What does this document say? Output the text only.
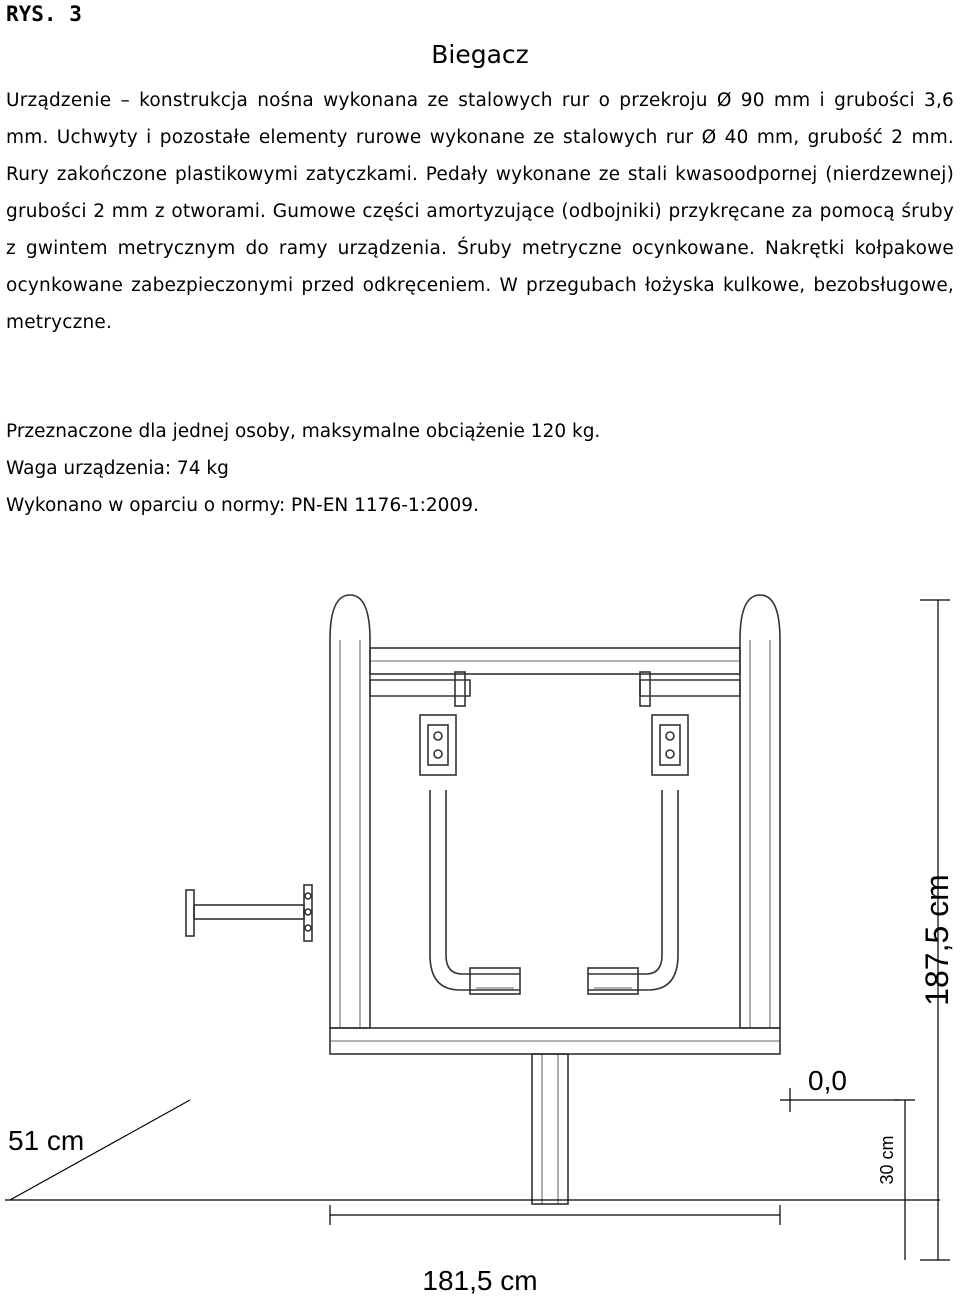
RYS. 3
Biegacz
Urządzenie – konstrukcja nośna wykonana ze stalowych rur o przekroju Ø 90 mm i grubości 3,6 mm. Uchwyty i pozostałe elementy rurowe wykonane ze stalowych rur Ø 40 mm, grubość 2 mm. Rury zakończone plastikowymi zatyczkami. Pedały wykonane ze stali kwasoodpornej (nierdzewnej) grubości 2 mm z otworami. Gumowe części amortyzujące (odbojniki) przykręcane za pomocą śruby z gwintem metrycznym do ramy urządzenia. Śruby metryczne ocynkowane. Nakrętki kołpakowe ocynkowane zabezpieczonymi przed odkręceniem. W przegubach łożyska kulkowe, bezobsługowe, metryczne.
Przeznaczone dla jednej osoby, maksymalne obciążenie 120 kg.
Waga urządzenia: 74 kg
Wykonano w oparciu o normy: PN-EN 1176-1:2009.
187,5 cm
0,0
30 cm
51 cm
181,5 cm
